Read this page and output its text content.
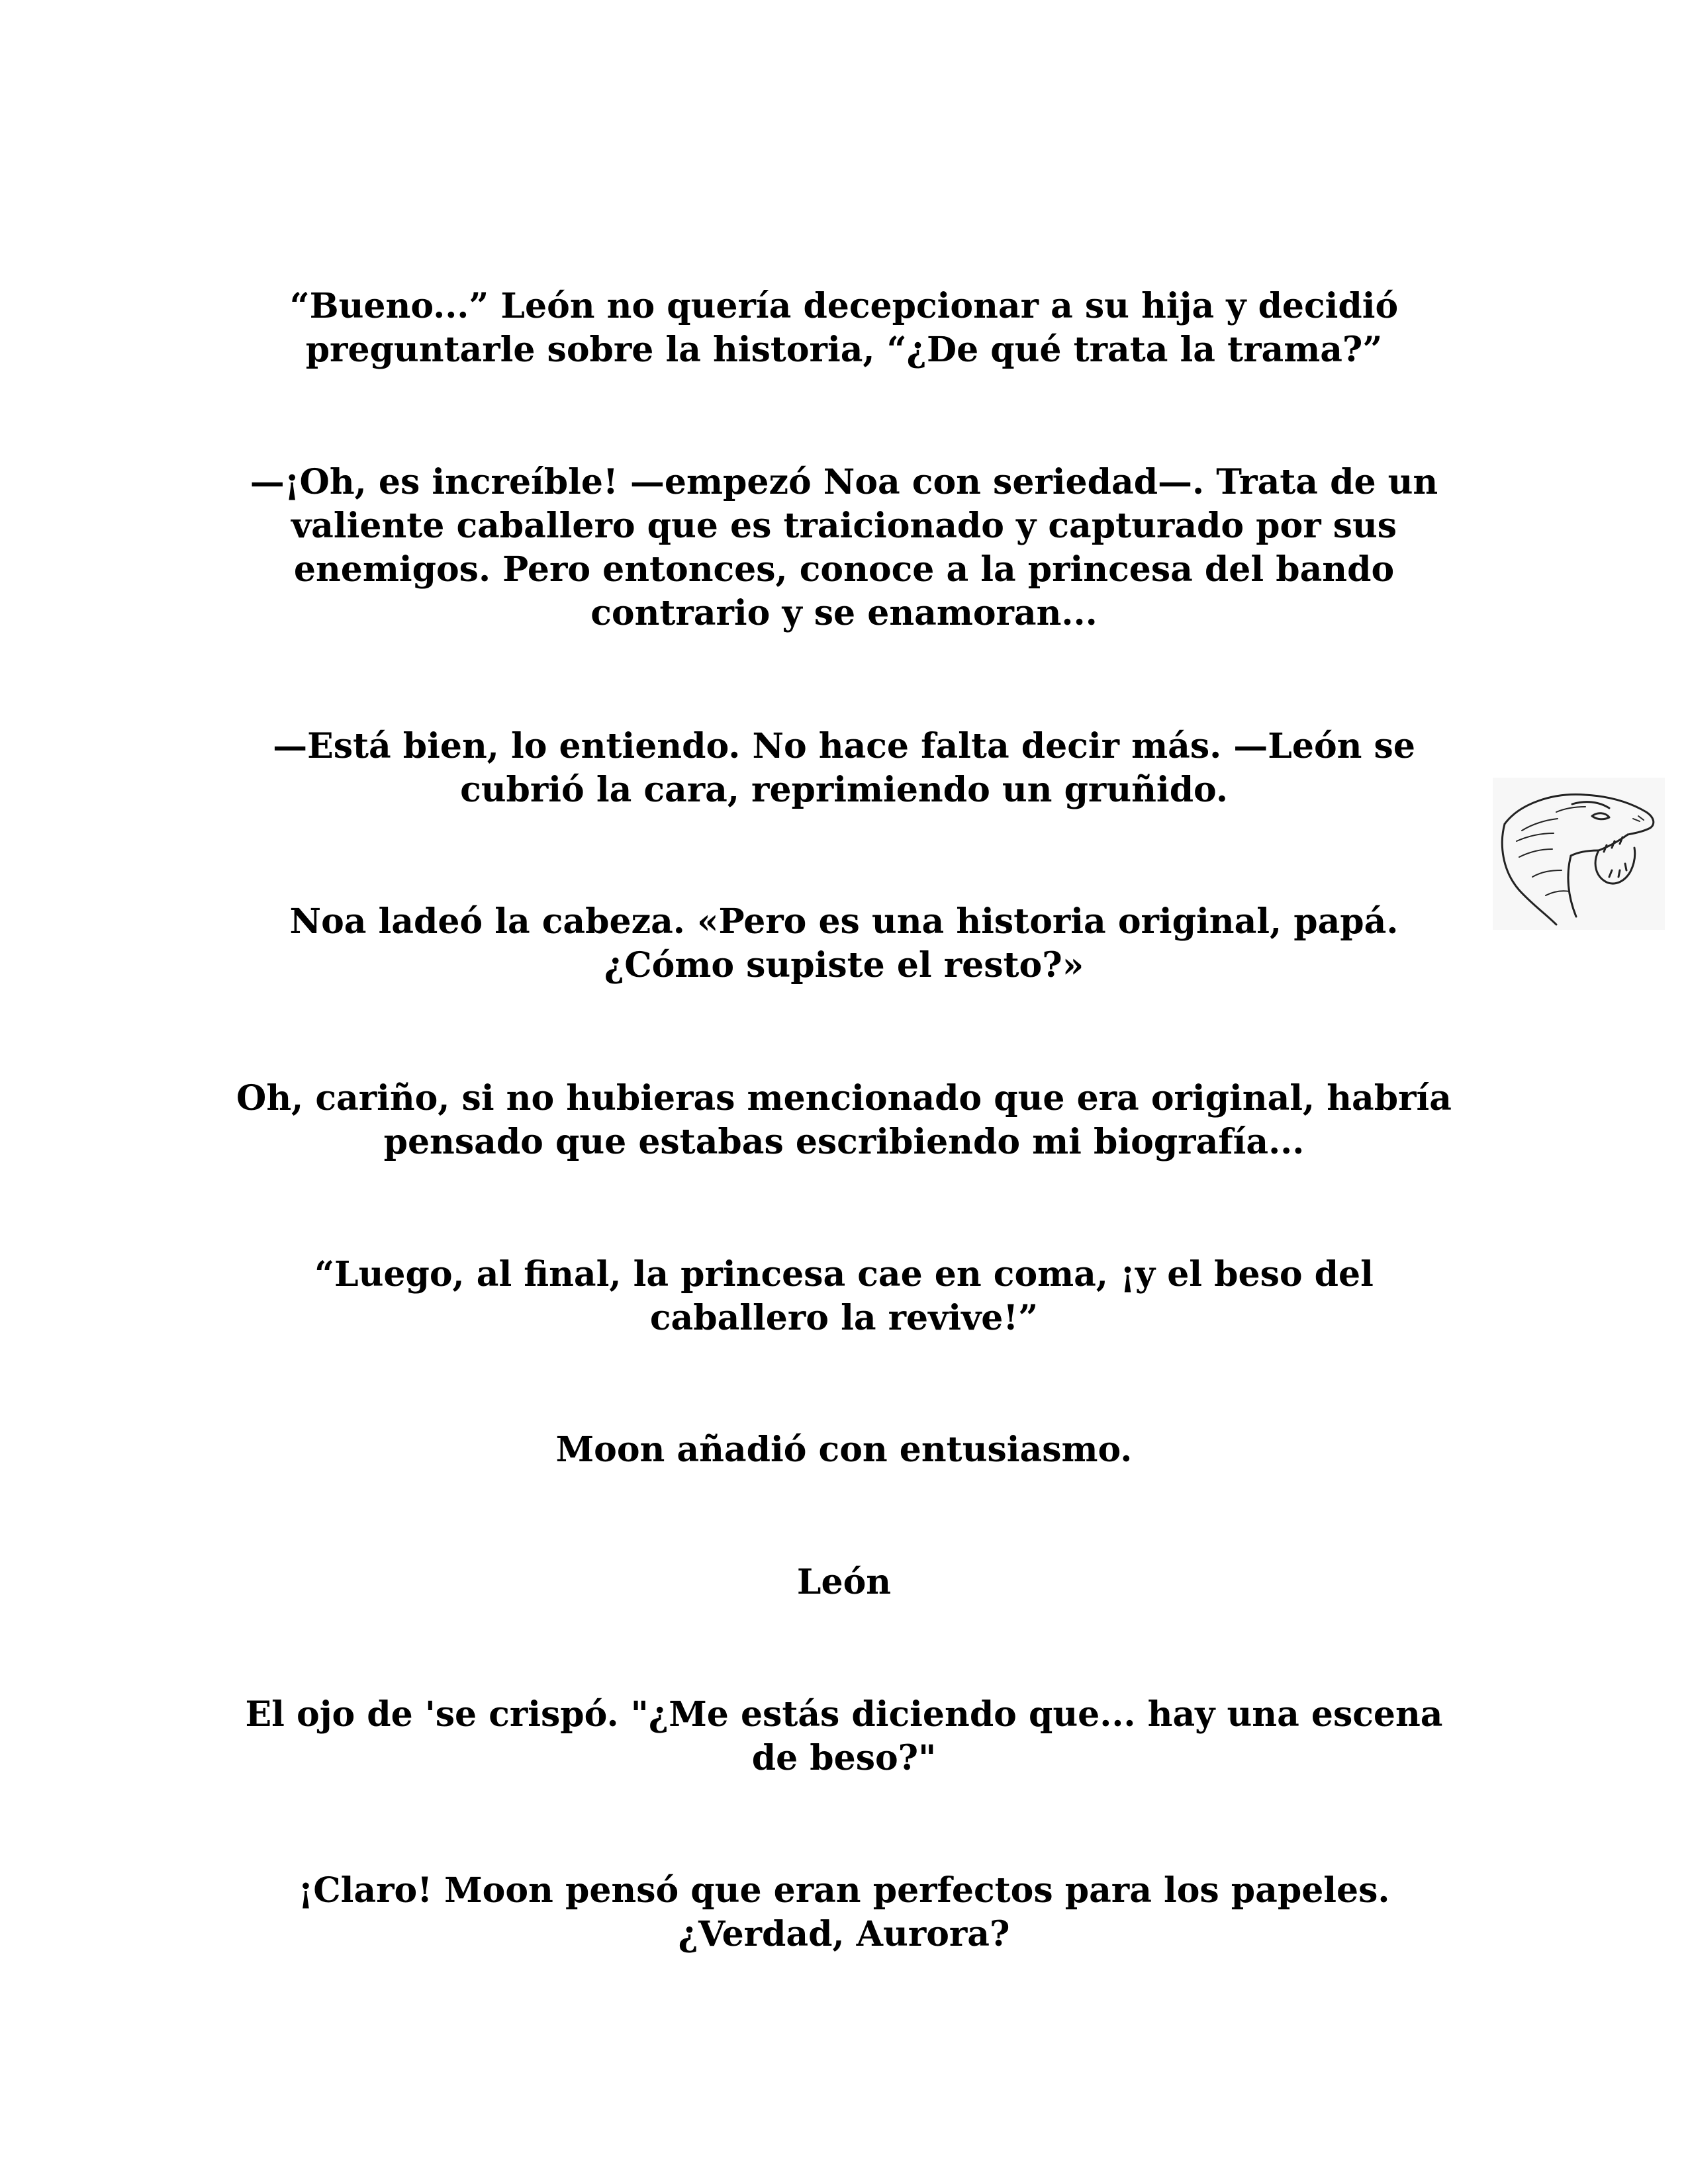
“Bueno...” León no quería decepcionar a su hija y decidió
preguntarle sobre la historia, “¿De qué trata la trama?”

—¡Oh, es increíble! —empezó Noa con seriedad—. Trata de un
valiente caballero que es traicionado y capturado por sus
enemigos. Pero entonces, conoce a la princesa del bando
contrario y se enamoran...

—Está bien, lo entiendo. No hace falta decir más. —León se
cubrió la cara, reprimiendo un gruñido.

Noa ladeó la cabeza. «Pero es una historia original, papá.
¿Cómo supiste el resto?»

Oh, cariño, si no hubieras mencionado que era original, habría
pensado que estabas escribiendo mi biografía...

“Luego, al final, la princesa cae en coma, ¡y el beso del
caballero la revive!”

Moon añadió con entusiasmo.

León

El ojo de 'se crispó. "¿Me estás diciendo que... hay una escena
de beso?"

¡Claro! Moon pensó que eran perfectos para los papeles.
¿Verdad, Aurora?
